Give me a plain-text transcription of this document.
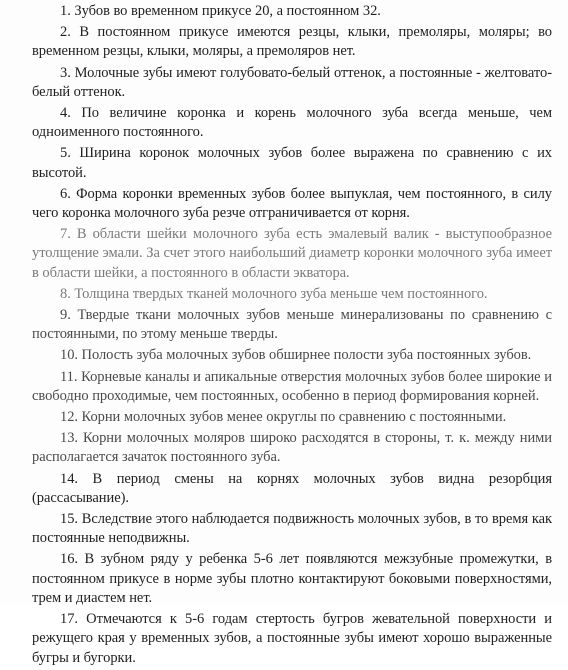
1. Зубов во временном прикусе 20, а постоянном 32.

2. В постоянном прикусе имеются резцы, клыки, премоляры, моляры; во временном резцы, клыки, моляры, а премоляров нет.

3. Молочные зубы имеют голубовато-белый оттенок, а постоянные - желтовато-белый оттенок.

4. По величине коронка и корень молочного зуба всегда меньше, чем одноименного постоянного.

5. Ширина коронок молочных зубов более выражена по сравнению с их высотой.

6. Форма коронки временных зубов более выпуклая, чем постоянного, в силу чего коронка молочного зуба резче отграничивается от корня.

7. В области шейки молочного зуба есть эмалевый валик - выступообразное утолщение эмали. За счет этого наибольший диаметр коронки молочного зуба имеет в области шейки, а постоянного в области экватора.

8. Толщина твердых тканей молочного зуба меньше чем постоянного.

9. Твердые ткани молочных зубов меньше минерализованы по сравнению с постоянными, по этому меньше тверды.

10. Полость зуба молочных зубов обширнее полости зуба постоянных зубов.

11. Корневые каналы и апикальные отверстия молочных зубов более широкие и свободно проходимые, чем постоянных, особенно в период формирования корней.

12. Корни молочных зубов менее округлы по сравнению с постоянными.

13. Корни молочных моляров широко расходятся в стороны, т. к. между ними располагается зачаток постоянного зуба.

14. В период смены на корнях молочных зубов видна резорбция (рассасывание).

15. Вследствие этого наблюдается подвижность молочных зубов, в то время как постоянные неподвижны.

16. В зубном ряду у ребенка 5-6 лет появляются межзубные промежутки, в постоянном прикусе в норме зубы плотно контактируют боковыми поверхностями, трем и диастем нет.

17. Отмечаются к 5-6 годам стертость бугров жевательной поверхности и режущего края у временных зубов, а постоянные зубы имеют хорошо выраженные бугры и бугорки.
